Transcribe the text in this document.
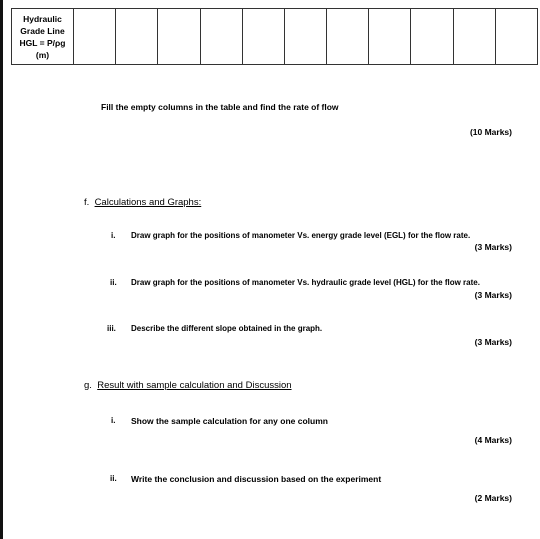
Hydraulic
Grade Line
HGL = P/ρg
(m)

Fill the empty columns in the table and find the rate of flow
(10 Marks)
f. Calculations and Graphs:
i. Draw graph for the positions of manometer Vs. energy grade level (EGL) for the flow rate.
(3 Marks)
ii. Draw graph for the positions of manometer Vs. hydraulic grade level (HGL) for the flow rate.
(3 Marks)
iii. Describe the different slope obtained in the graph.
(3 Marks)
g. Result with sample calculation and Discussion
i. Show the sample calculation for any one column
(4 Marks)
ii. Write the conclusion and discussion based on the experiment
(2 Marks)
